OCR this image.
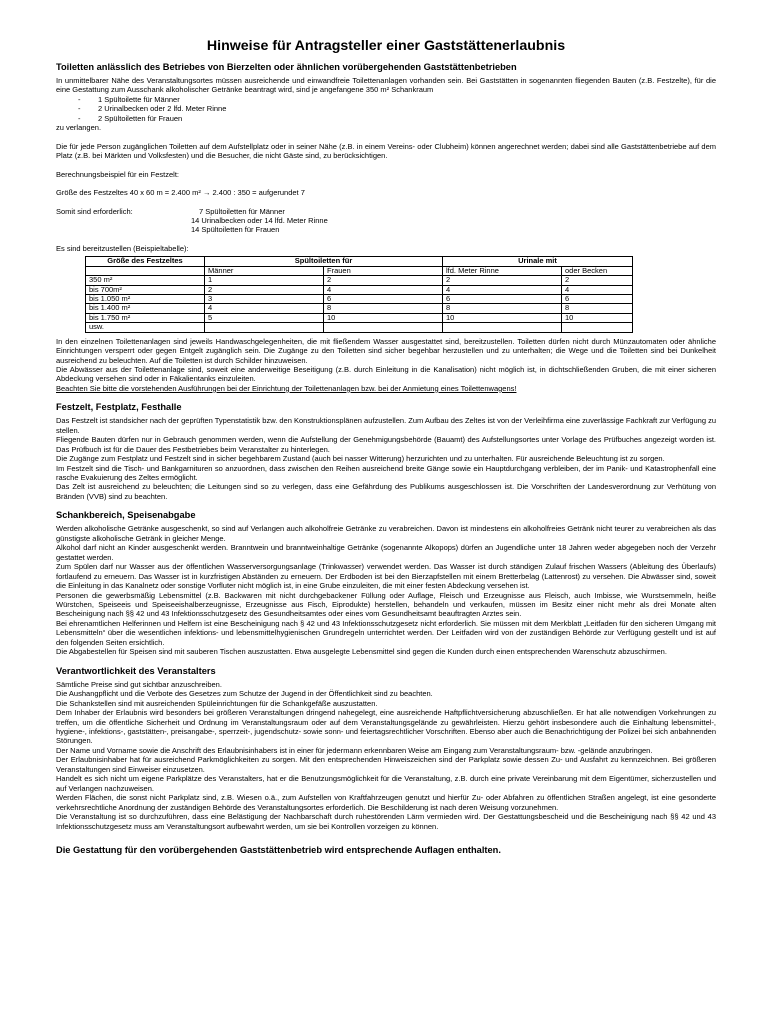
Hinweise für Antragsteller einer Gaststättenerlaubnis
Toiletten anlässlich des Betriebes von Bierzelten oder ähnlichen vorübergehenden Gaststättenbetrieben

In unmittelbarer Nähe des Veranstaltungsortes müssen ausreichende und einwandfreie Toilettenanlagen vorhanden sein. Bei Gaststätten in sogenannten fliegenden Bauten (z.B. Festzelte), für die eine Gestattung zum Ausschank alkoholischer Getränke beantragt wird, sind je angefangene 350 m² Schankraum

- 1 Spültoilette für Männer
- 2 Urinalbecken oder 2 lfd. Meter Rinne
- 2 Spültoiletten für Frauen

zu verlangen.

Die für jede Person zugänglichen Toiletten auf dem Aufstellplatz oder in seiner Nähe (z.B. in einem Vereins- oder Clubheim) können angerechnet werden; dabei sind alle Gaststättenbetriebe auf dem Platz (z.B. bei Märkten und Volksfesten) und die Besucher, die nicht Gäste sind, zu berücksichtigen.

Berechnungsbeispiel für ein Festzelt:

Größe des Festzeltes 40 x 60 m = 2.400 m² → 2.400 : 350 = aufgerundet 7

Somit sind erforderlich:	7 Spültoiletten für Männer
14 Urinalbecken oder 14 lfd. Meter Rinne
14 Spültoiletten für Frauen

Es sind bereitzustellen (Beispieltabelle):

Größe des Festzeltes	Spültoiletten für		Urinale mit	
	Männer	Frauen	lfd. Meter Rinne	oder Becken
350 m²	1	2	2	2
bis 700m²	2	4	4	4
bis 1.050 m²	3	6	6	6
bis 1.400 m²	4	8	8	8
bis 1.750 m²	5	10	10	10
usw.				

In den einzelnen Toilettenanlagen sind jeweils Handwaschgelegenheiten, die mit fließendem Wasser ausgestattet sind, bereitzustellen. Toiletten dürfen nicht durch Münzautomaten oder ähnliche Einrichtungen versperrt oder gegen Entgelt zugänglich sein. Die Zugänge zu den Toiletten sind sicher begehbar herzustellen und zu unterhalten; die Wege und die Toiletten sind bei Dunkelheit ausreichend zu beleuchten. Auf die Toiletten ist durch Schilder hinzuweisen.

Die Abwässer aus der Toilettenanlage sind, soweit eine anderweitige Beseitigung (z.B. durch Einleitung in die Kanalisation) nicht möglich ist, in dichtschließenden Gruben, die mit einer sicheren Abdeckung versehen sind oder in Fäkalientanks einzuleiten.

Beachten Sie bitte die vorstehenden Ausführungen bei der Einrichtung der Toilettenanlagen bzw. bei der Anmietung eines Toilettenwagens!

Festzelt, Festplatz, Festhalle

Das Festzelt ist standsicher nach der geprüften Typenstatistik bzw. den Konstruktionsplänen aufzustellen. Zum Aufbau des Zeltes ist von der Verleihfirma eine zuverlässige Fachkraft zur Verfügung zu stellen.

Fliegende Bauten dürfen nur in Gebrauch genommen werden, wenn die Aufstellung der Genehmigungsbehörde (Bauamt) des Aufstellungsortes unter Vorlage des Prüfbuches angezeigt worden ist. Das Prüfbuch ist für die Dauer des Festbetriebes beim Veranstalter zu hinterlegen.

Die Zugänge zum Festplatz und Festzelt sind in sicher begehbarem Zustand (auch bei nasser Witterung) herzurichten und zu unterhalten. Für ausreichende Beleuchtung ist zu sorgen.

Im Festzelt sind die Tisch- und Bankgarnituren so anzuordnen, dass zwischen den Reihen ausreichend breite Gänge sowie ein Hauptdurchgang verbleiben, der im Panik- und Katastrophenfall eine rasche Evakuierung des Zeltes ermöglicht.

Das Zelt ist ausreichend zu beleuchten; die Leitungen sind so zu verlegen, dass eine Gefährdung des Publikums ausgeschlossen ist. Die Vorschriften der Landesverordnung zur Verhütung von Bränden (VVB) sind zu beachten.

Schankbereich, Speisenabgabe

Werden alkoholische Getränke ausgeschenkt, so sind auf Verlangen auch alkoholfreie Getränke zu verabreichen. Davon ist mindestens ein alkoholfreies Getränk nicht teurer zu verabreichen als das günstigste alkoholische Getränk in gleicher Menge.

Alkohol darf nicht an Kinder ausgeschenkt werden. Branntwein und branntweinhaltige Getränke (sogenannte Alkopops) dürfen an Jugendliche unter 18 Jahren weder abgegeben noch der Verzehr gestattet werden.

Zum Spülen darf nur Wasser aus der öffentlichen Wasserversorgungsanlage (Trinkwasser) verwendet werden. Das Wasser ist durch ständigen Zulauf frischen Wassers (Ableitung des Überlaufs) fortlaufend zu erneuern. Das Wasser ist in kurzfristigen Abständen zu erneuern. Der Erdboden ist bei den Bierzapfstellen mit einem Bretterbelag (Lattenrost) zu versehen. Die Abwässer sind, soweit die Einleitung in das Kanalnetz oder sonstige Vorfluter nicht möglich ist, in eine Grube einzuleiten, die mit einer festen Abdeckung versehen ist.

Personen die gewerbsmäßig Lebensmittel (z.B. Backwaren mit nicht durchgebackener Füllung oder Auflage, Fleisch und Erzeugnisse aus Fleisch, auch Imbisse, wie Wurstsemmeln, heiße Würstchen, Speiseeis und Speiseeishalberzeugnisse, Erzeugnisse aus Fisch, Eiprodukte) herstellen, behandeln und verkaufen, müssen im Besitz einer nicht mehr als drei Monate alten Bescheinigung nach §§ 42 und 43 Infektionsschutzgesetz des Gesundheitsamtes oder eines vom Gesundheitsamt beauftragten Arztes sein.

Bei ehrenamtlichen Helferinnen und Helfern ist eine Bescheinigung nach § 42 und 43 Infektionsschutzgesetz nicht erforderlich. Sie müssen mit dem Merkblatt „Leitfaden für den sicheren Umgang mit Lebensmitteln“ über die wesentlichen infektions- und lebensmittelhygienischen Grundregeln unterrichtet werden. Der Leitfaden wird von der zuständigen Behörde zur Verfügung gestellt und ist auf den folgenden Seiten ersichtlich.

Die Abgabestellen für Speisen sind mit sauberen Tischen auszustatten. Etwa ausgelegte Lebensmittel sind gegen die Kunden durch einen entsprechenden Warenschutz abzuschirmen.

Verantwortlichkeit des Veranstalters

Sämtliche Preise sind gut sichtbar anzuschreiben.

Die Aushangpflicht und die Verbote des Gesetzes zum Schutze der Jugend in der Öffentlichkeit sind zu beachten.

Die Schankstellen sind mit ausreichenden Spüleinrichtungen für die Schankgefäße auszustatten.

Dem Inhaber der Erlaubnis wird besonders bei größeren Veranstaltungen dringend nahegelegt, eine ausreichende Haftpflichtversicherung abzuschließen. Er hat alle notwendigen Vorkehrungen zu treffen, um die öffentliche Sicherheit und Ordnung im Veranstaltungsraum oder auf dem Veranstaltungsgelände zu gewährleisten. Hierzu gehört insbesondere auch die Einhaltung lebensmittel-, hygiene-, infektions-, gaststätten-, preisangabe-, sperrzeit-, jugendschutz- sowie sonn- und feiertagsrechtlicher Vorschriften. Ebenso aber auch die Benachrichtigung der Polizei bei sich anbahnenden Störungen.

Der Name und Vorname sowie die Anschrift des Erlaubnisinhabers ist in einer für jedermann erkennbaren Weise am Eingang zum Veranstaltungsraum- bzw. -gelände anzubringen.

Der Erlaubnisinhaber hat für ausreichend Parkmöglichkeiten zu sorgen. Mit den entsprechenden Hinweiszeichen sind der Parkplatz sowie dessen Zu- und Ausfahrt zu kennzeichnen. Bei größeren Veranstaltungen sind Einweiser einzusetzen.

Handelt es sich nicht um eigene Parkplätze des Veranstalters, hat er die Benutzungsmöglichkeit für die Veranstaltung, z.B. durch eine private Vereinbarung mit dem Eigentümer, sicherzustellen und auf Verlangen nachzuweisen.

Werden Flächen, die sonst nicht Parkplatz sind, z.B. Wiesen o.ä., zum Aufstellen von Kraftfahrzeugen genutzt und hierfür Zu- oder Abfahren zu öffentlichen Straßen angelegt, ist eine gesonderte verkehrsrechtliche Anordnung der zuständigen Behörde des Veranstaltungsortes erforderlich. Die Beschilderung ist nach deren Weisung vorzunehmen.

Die Veranstaltung ist so durchzuführen, dass eine Belästigung der Nachbarschaft durch ruhestörenden Lärm vermieden wird. Der Gestattungsbescheid und die Bescheinigung nach §§ 42 und 43 Infektionsschutzgesetz muss am Veranstaltungsort aufbewahrt werden, um sie bei Kontrollen vorzeigen zu können.

Die Gestattung für den vorübergehenden Gaststättenbetrieb wird entsprechende Auflagen enthalten.
